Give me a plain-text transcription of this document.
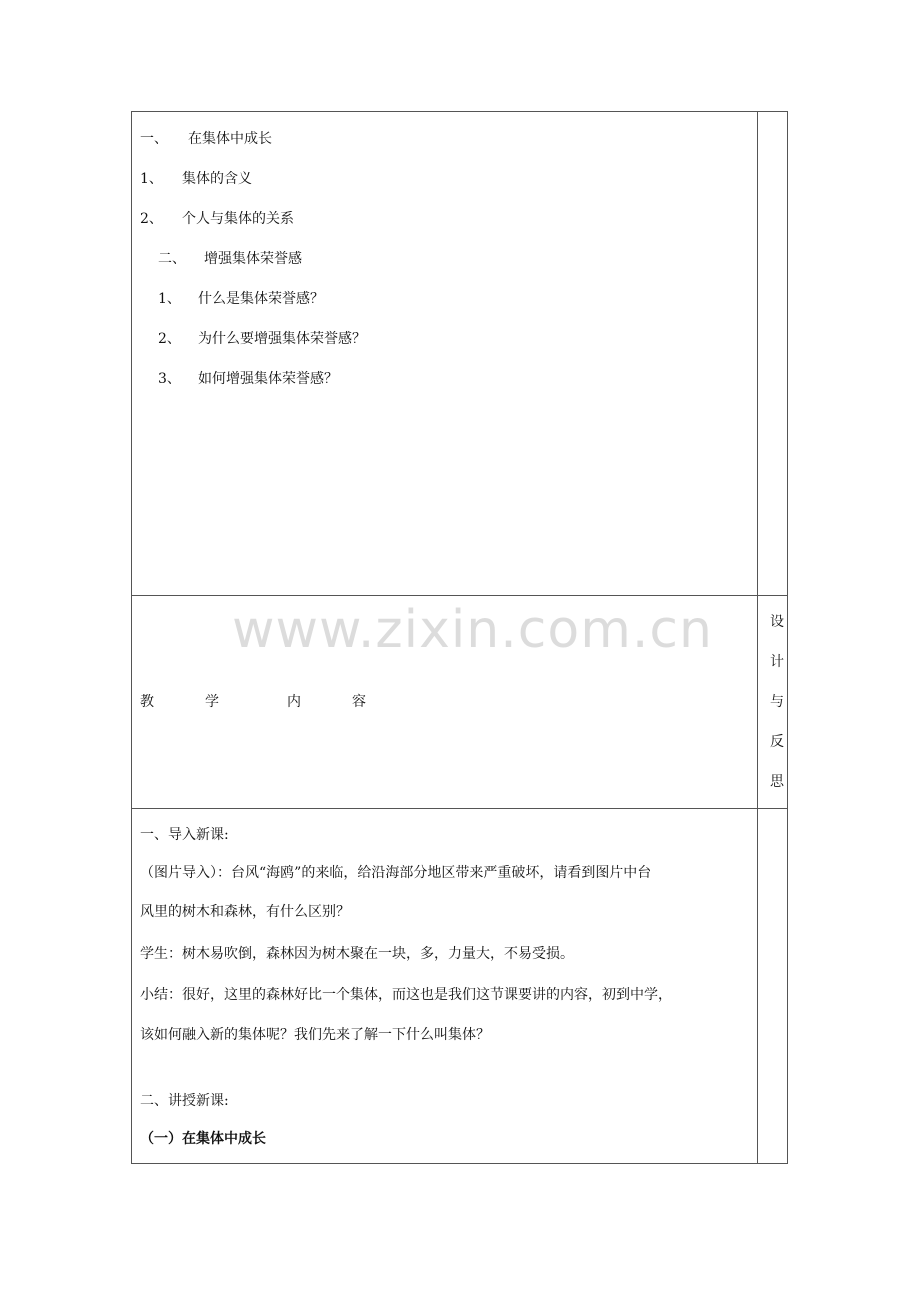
www.zixin.com.cn
一、 在集体中成长
1、 集体的含义
2、 个人与集体的关系
二、 增强集体荣誉感
1、 什么是集体荣誉感？
2、 为什么要增强集体荣誉感？
3、 如何增强集体荣誉感？
教	学	内	容
设
计
与
反
思
一、导入新课:
（图片导入）：台风“海鸥”的来临，给沿海部分地区带来严重破坏，请看到图片中台
风里的树木和森林，有什么区别？
学生：树木易吹倒，森林因为树木聚在一块，多，力量大，不易受损。
小结：很好，这里的森林好比一个集体，而这也是我们这节课要讲的内容，初到中学，
该如何融入新的集体呢？我们先来了解一下什么叫集体？
二、讲授新课:
（一）在集体中成长
